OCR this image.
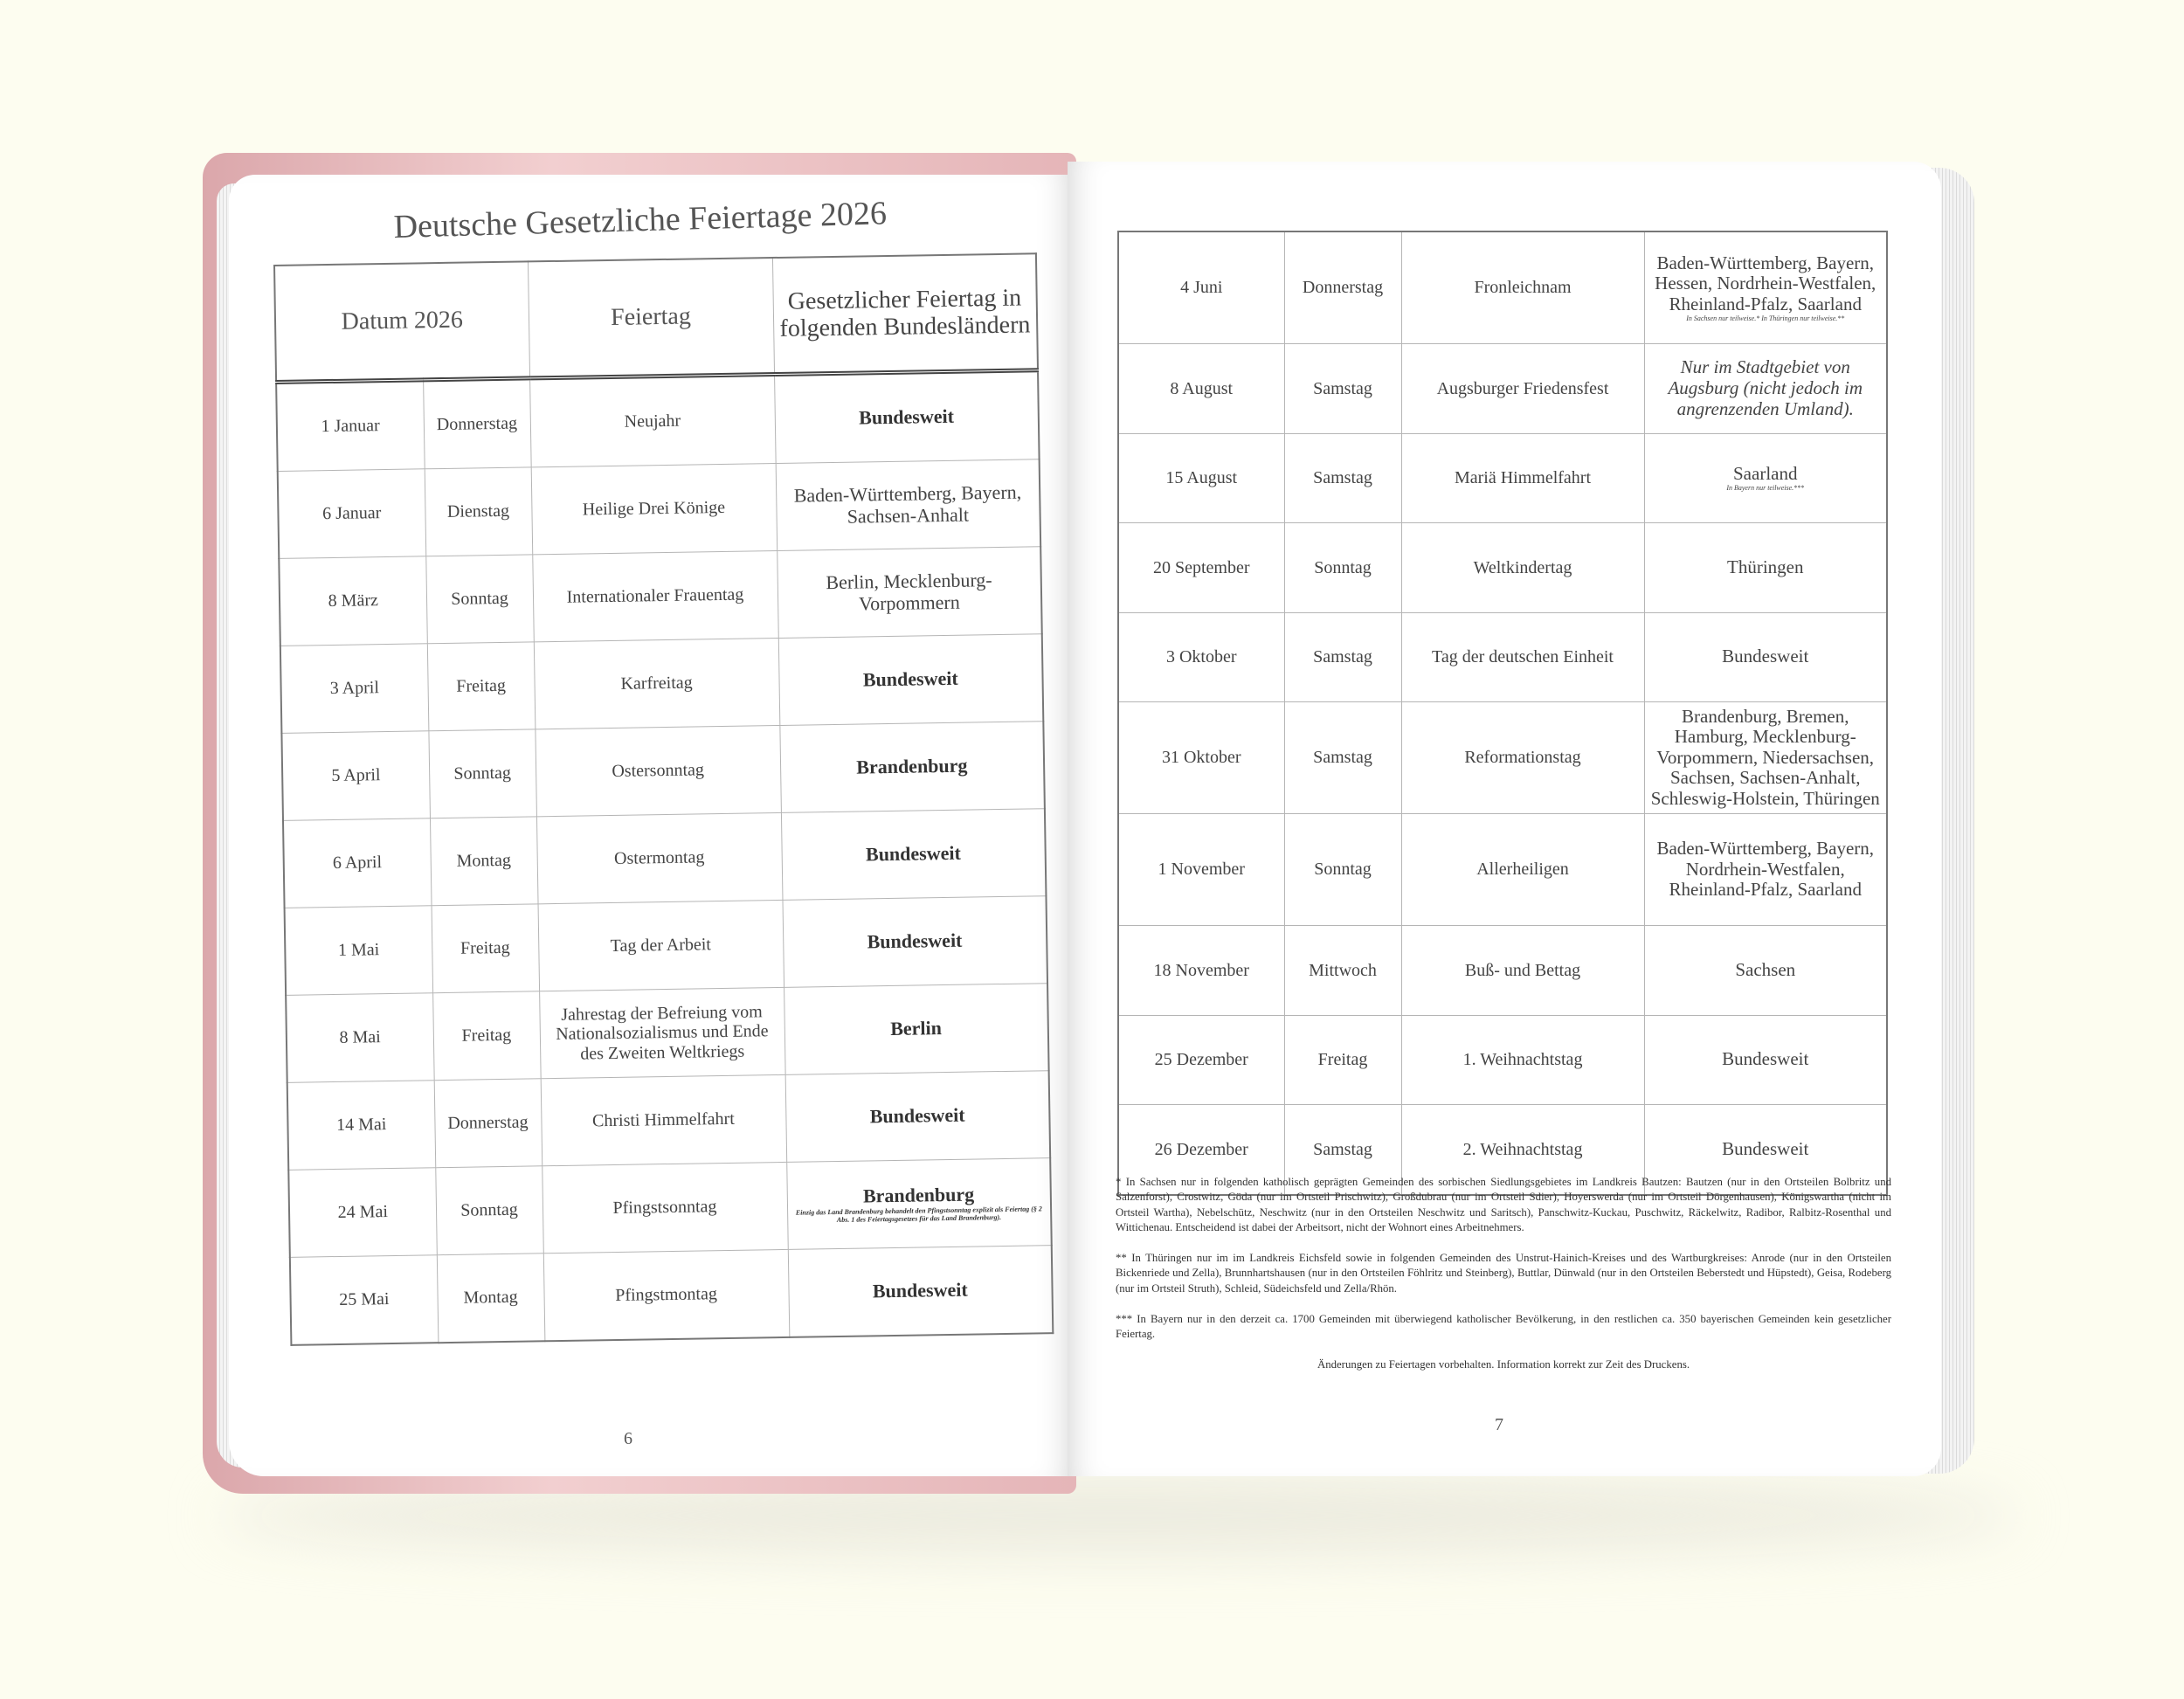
Deutsche Gesetzliche Feiertage 2026
Datum 2026		Feiertag	Gesetzlicher Feiertag in folgenden Bundesländern
1 Januar	Donnerstag	Neujahr	Bundesweit
6 Januar	Dienstag	Heilige Drei Könige	Baden-Württemberg, Bayern, Sachsen-Anhalt
8 März	Sonntag	Internationaler Frauentag	Berlin, Mecklenburg-Vorpommern
3 April	Freitag	Karfreitag	Bundesweit
5 April	Sonntag	Ostersonntag	Brandenburg
6 April	Montag	Ostermontag	Bundesweit
1 Mai	Freitag	Tag der Arbeit	Bundesweit
8 Mai	Freitag	Jahrestag der Befreiung vom Nationalsozialismus und Ende des Zweiten Weltkriegs	Berlin
14 Mai	Donnerstag	Christi Himmelfahrt	Bundesweit
24 Mai	Sonntag	Pfingstsonntag	Brandenburg
Einzig das Land Brandenburg behandelt den Pfingstsonntag explizit als Feiertag (§ 2 Abs. 1 des Feiertagsgesetzes für das Land Brandenburg).

25 Mai	Montag	Pfingstmontag	Bundesweit
6
4 Juni	Donnerstag	Fronleichnam	Baden-Württemberg, Bayern, Hessen, Nordrhein-Westfalen, Rheinland-Pfalz, Saarland
In Sachsen nur teilweise.* In Thüringen nur teilweise.**

8 August	Samstag	Augsburger Friedensfest	Nur im Stadtgebiet von Augsburg (nicht jedoch im angrenzenden Umland).
15 August	Samstag	Mariä Himmelfahrt	Saarland
In Bayern nur teilweise.***

20 September	Sonntag	Weltkindertag	Thüringen
3 Oktober	Samstag	Tag der deutschen Einheit	Bundesweit
31 Oktober	Samstag	Reformationstag	Brandenburg, Bremen, Hamburg, Mecklenburg-Vorpommern, Niedersachsen, Sachsen, Sachsen-Anhalt, Schleswig-Holstein, Thüringen
1 November	Sonntag	Allerheiligen	Baden-Württemberg, Bayern, Nordrhein-Westfalen, Rheinland-Pfalz, Saarland
18 November	Mittwoch	Buß- und Bettag	Sachsen
25 Dezember	Freitag	1. Weihnachtstag	Bundesweit
26 Dezember	Samstag	2. Weihnachtstag	Bundesweit

* In Sachsen nur in folgenden katholisch geprägten Gemeinden des sorbischen Siedlungsgebietes im Landkreis Bautzen: Bautzen (nur in den Ortsteilen Bolbritz und Salzenforst), Crostwitz, Göda (nur im Ortsteil Prischwitz), Großdubrau (nur im Ortsteil Sdier), Hoyerswerda (nur im Ortsteil Dörgenhausen), Königswartha (nicht im Ortsteil Wartha), Nebelschütz, Neschwitz (nur in den Ortsteilen Neschwitz und Saritsch), Panschwitz-Kuckau, Puschwitz, Räckelwitz, Radibor, Ralbitz-Rosenthal und Wittichenau. Entscheidend ist dabei der Arbeitsort, nicht der Wohnort eines Arbeitnehmers.

** In Thüringen nur im im Landkreis Eichsfeld sowie in folgenden Gemeinden des Unstrut-Hainich-Kreises und des Wartburgkreises: Anrode (nur in den Ortsteilen Bickenriede und Zella), Brunnhartshausen (nur in den Ortsteilen Föhlritz und Steinberg), Buttlar, Dünwald (nur in den Ortsteilen Beberstedt und Hüpstedt), Geisa, Rodeberg (nur im Ortsteil Struth), Schleid, Südeichsfeld und Zella/Rhön.

*** In Bayern nur in den derzeit ca. 1700 Gemeinden mit überwiegend katholischer Bevölkerung, in den restlichen ca. 350 bayerischen Gemeinden kein gesetzlicher Feiertag.

Änderungen zu Feiertagen vorbehalten. Information korrekt zur Zeit des Druckens.

7
